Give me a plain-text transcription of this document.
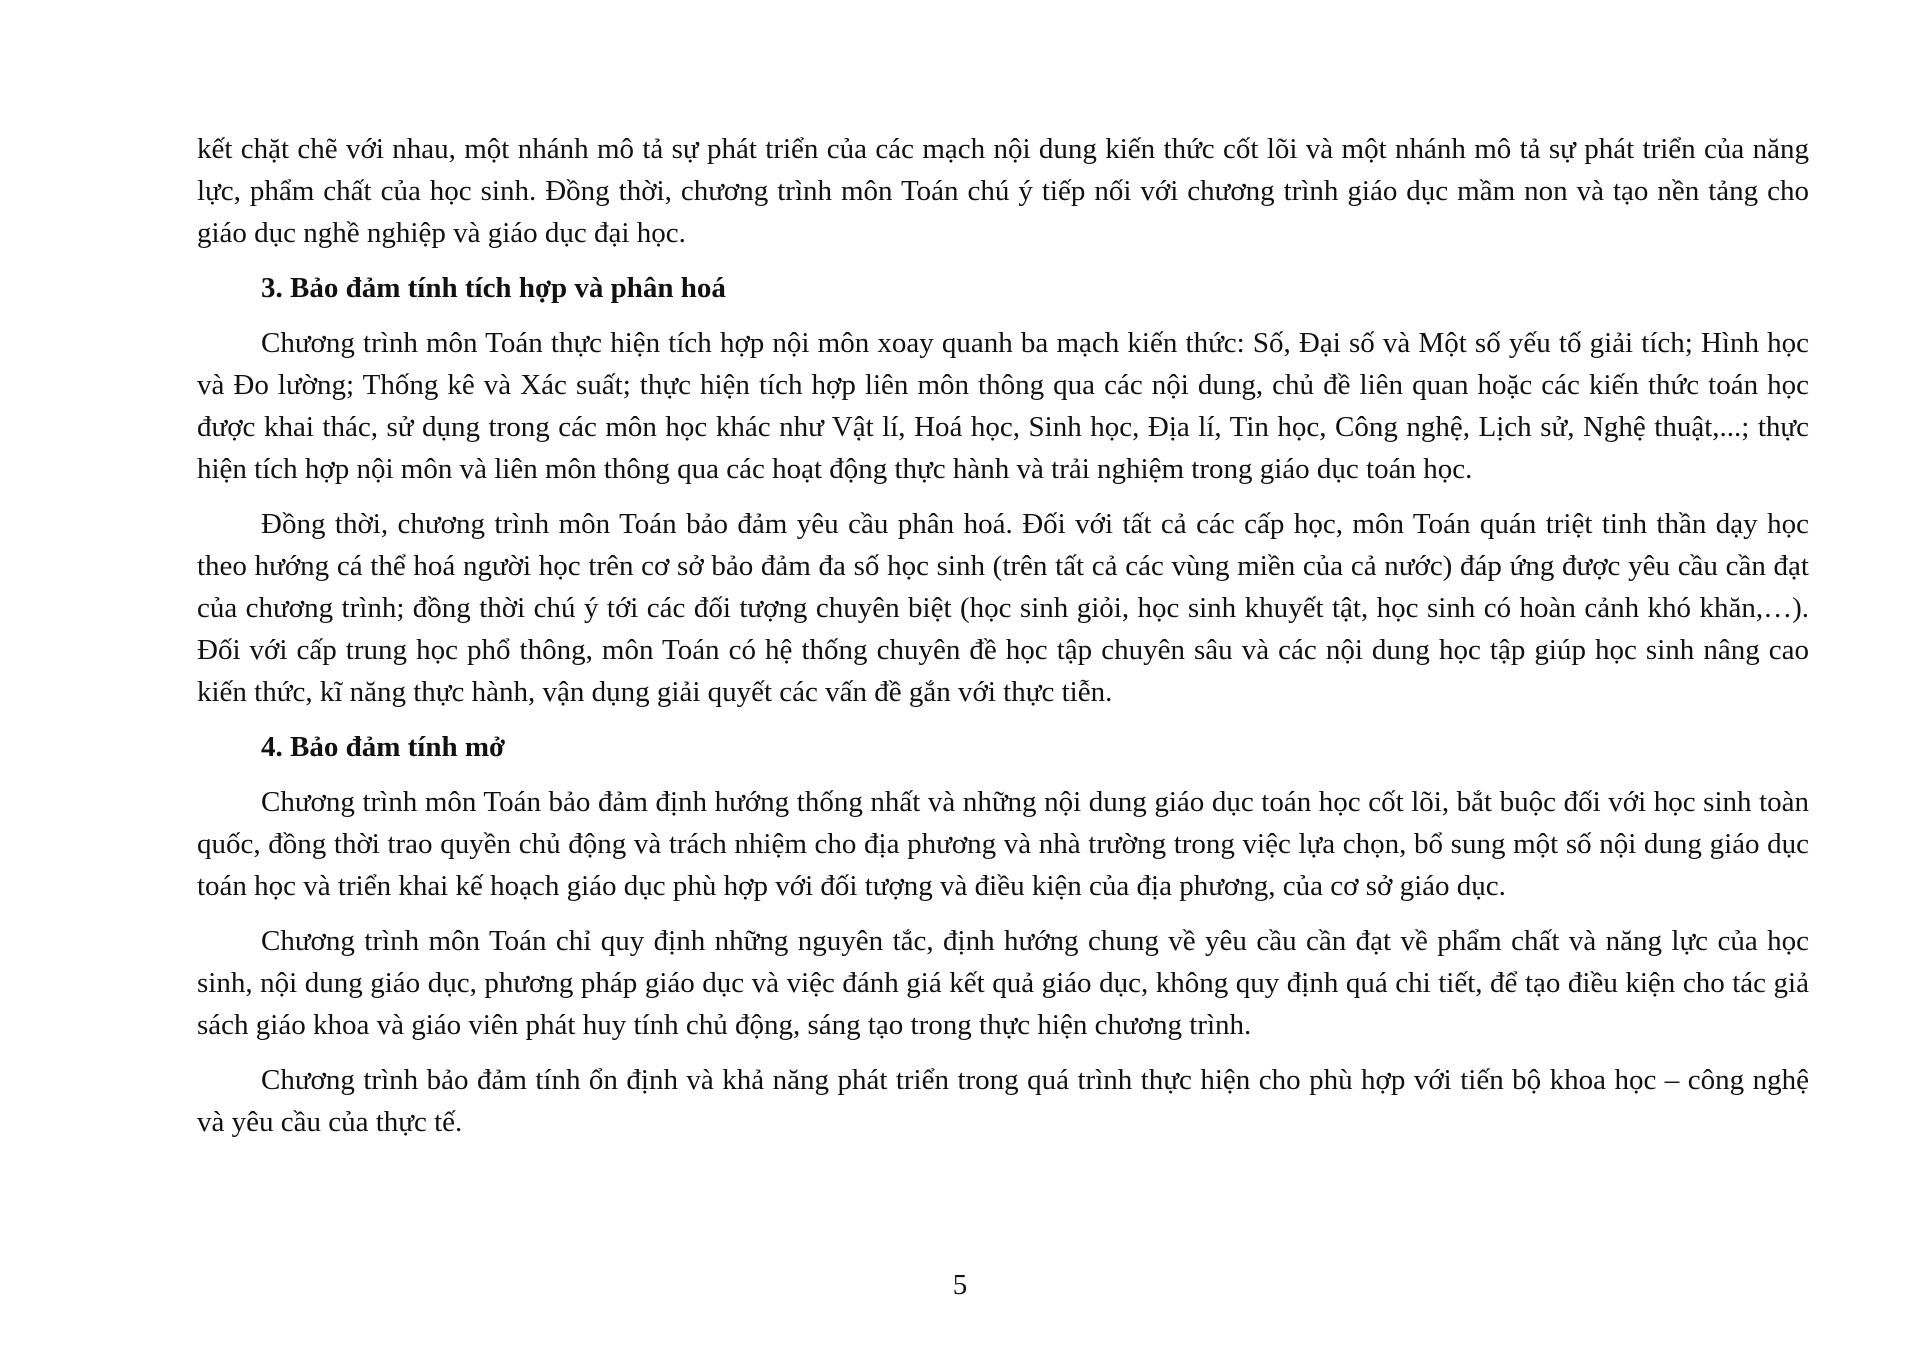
kết chặt chẽ với nhau, một nhánh mô tả sự phát triển của các mạch nội dung kiến thức cốt lõi và một nhánh mô tả sự phát triển của năng lực, phẩm chất của học sinh. Đồng thời, chương trình môn Toán chú ý tiếp nối với chương trình giáo dục mầm non và tạo nền tảng cho giáo dục nghề nghiệp và giáo dục đại học.

3. Bảo đảm tính tích hợp và phân hoá

Chương trình môn Toán thực hiện tích hợp nội môn xoay quanh ba mạch kiến thức: Số, Đại số và Một số yếu tố giải tích; Hình học và Đo lường; Thống kê và Xác suất; thực hiện tích hợp liên môn thông qua các nội dung, chủ đề liên quan hoặc các kiến thức toán học được khai thác, sử dụng trong các môn học khác như Vật lí, Hoá học, Sinh học, Địa lí, Tin học, Công nghệ, Lịch sử, Nghệ thuật,...; thực hiện tích hợp nội môn và liên môn thông qua các hoạt động thực hành và trải nghiệm trong giáo dục toán học.

Đồng thời, chương trình môn Toán bảo đảm yêu cầu phân hoá. Đối với tất cả các cấp học, môn Toán quán triệt tinh thần dạy học theo hướng cá thể hoá người học trên cơ sở bảo đảm đa số học sinh (trên tất cả các vùng miền của cả nước) đáp ứng được yêu cầu cần đạt của chương trình; đồng thời chú ý tới các đối tượng chuyên biệt (học sinh giỏi, học sinh khuyết tật, học sinh có hoàn cảnh khó khăn,…). Đối với cấp trung học phổ thông, môn Toán có hệ thống chuyên đề học tập chuyên sâu và các nội dung học tập giúp học sinh nâng cao kiến thức, kĩ năng thực hành, vận dụng giải quyết các vấn đề gắn với thực tiễn.

4. Bảo đảm tính mở

Chương trình môn Toán bảo đảm định hướng thống nhất và những nội dung giáo dục toán học cốt lõi, bắt buộc đối với học sinh toàn quốc, đồng thời trao quyền chủ động và trách nhiệm cho địa phương và nhà trường trong việc lựa chọn, bổ sung một số nội dung giáo dục toán học và triển khai kế hoạch giáo dục phù hợp với đối tượng và điều kiện của địa phương, của cơ sở giáo dục.

Chương trình môn Toán chỉ quy định những nguyên tắc, định hướng chung về yêu cầu cần đạt về phẩm chất và năng lực của học sinh, nội dung giáo dục, phương pháp giáo dục và việc đánh giá kết quả giáo dục, không quy định quá chi tiết, để tạo điều kiện cho tác giả sách giáo khoa và giáo viên phát huy tính chủ động, sáng tạo trong thực hiện chương trình.

Chương trình bảo đảm tính ổn định và khả năng phát triển trong quá trình thực hiện cho phù hợp với tiến bộ khoa học – công nghệ và yêu cầu của thực tế.

5
